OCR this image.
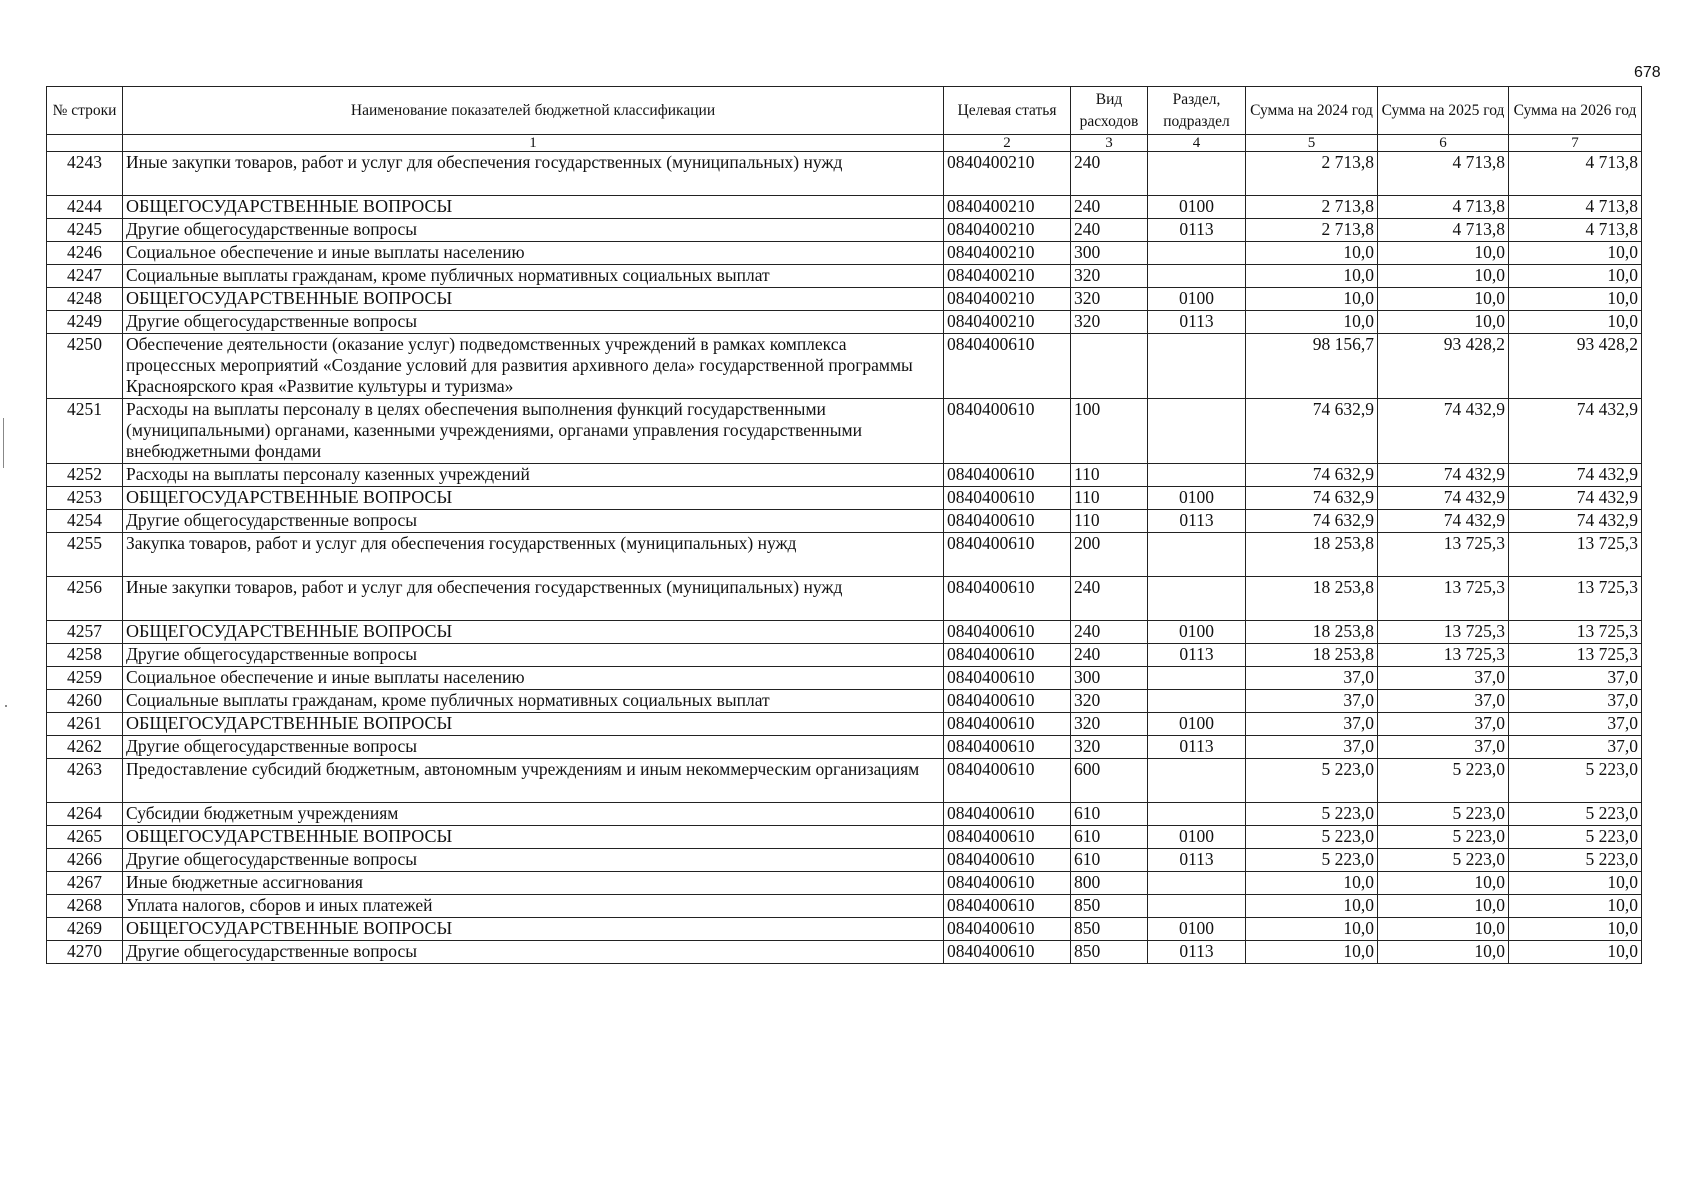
678
№ строки	Наименование показателей бюджетной классификации	Целевая статья	Вид расходов	Раздел, подраздел	Сумма на 2024 год	Сумма на 2025 год	Сумма на 2026 год
	1	2	3	4	5	6	7
4243	Иные закупки товаров, работ и услуг для обеспечения государственных (муниципальных) нужд	0840400210	240		2 713,8	4 713,8	4 713,8
4244	ОБЩЕГОСУДАРСТВЕННЫЕ ВОПРОСЫ	0840400210	240	0100	2 713,8	4 713,8	4 713,8
4245	Другие общегосударственные вопросы	0840400210	240	0113	2 713,8	4 713,8	4 713,8
4246	Социальное обеспечение и иные выплаты населению	0840400210	300		10,0	10,0	10,0
4247	Социальные выплаты гражданам, кроме публичных нормативных социальных выплат	0840400210	320		10,0	10,0	10,0
4248	ОБЩЕГОСУДАРСТВЕННЫЕ ВОПРОСЫ	0840400210	320	0100	10,0	10,0	10,0
4249	Другие общегосударственные вопросы	0840400210	320	0113	10,0	10,0	10,0
4250	Обеспечение деятельности (оказание услуг) подведомственных учреждений в рамках комплекса процессных мероприятий «Создание условий для развития архивного дела» государственной программы Красноярского края «Развитие культуры и туризма»	0840400610			98 156,7	93 428,2	93 428,2
4251	Расходы на выплаты персоналу в целях обеспечения выполнения функций государственными (муниципальными) органами, казенными учреждениями, органами управления государственными внебюджетными фондами	0840400610	100		74 632,9	74 432,9	74 432,9
4252	Расходы на выплаты персоналу казенных учреждений	0840400610	110		74 632,9	74 432,9	74 432,9
4253	ОБЩЕГОСУДАРСТВЕННЫЕ ВОПРОСЫ	0840400610	110	0100	74 632,9	74 432,9	74 432,9
4254	Другие общегосударственные вопросы	0840400610	110	0113	74 632,9	74 432,9	74 432,9
4255	Закупка товаров, работ и услуг для обеспечения государственных (муниципальных) нужд	0840400610	200		18 253,8	13 725,3	13 725,3
4256	Иные закупки товаров, работ и услуг для обеспечения государственных (муниципальных) нужд	0840400610	240		18 253,8	13 725,3	13 725,3
4257	ОБЩЕГОСУДАРСТВЕННЫЕ ВОПРОСЫ	0840400610	240	0100	18 253,8	13 725,3	13 725,3
4258	Другие общегосударственные вопросы	0840400610	240	0113	18 253,8	13 725,3	13 725,3
4259	Социальное обеспечение и иные выплаты населению	0840400610	300		37,0	37,0	37,0
4260	Социальные выплаты гражданам, кроме публичных нормативных социальных выплат	0840400610	320		37,0	37,0	37,0
4261	ОБЩЕГОСУДАРСТВЕННЫЕ ВОПРОСЫ	0840400610	320	0100	37,0	37,0	37,0
4262	Другие общегосударственные вопросы	0840400610	320	0113	37,0	37,0	37,0
4263	Предоставление субсидий бюджетным, автономным учреждениям и иным некоммерческим организациям	0840400610	600		5 223,0	5 223,0	5 223,0
4264	Субсидии бюджетным учреждениям	0840400610	610		5 223,0	5 223,0	5 223,0
4265	ОБЩЕГОСУДАРСТВЕННЫЕ ВОПРОСЫ	0840400610	610	0100	5 223,0	5 223,0	5 223,0
4266	Другие общегосударственные вопросы	0840400610	610	0113	5 223,0	5 223,0	5 223,0
4267	Иные бюджетные ассигнования	0840400610	800		10,0	10,0	10,0
4268	Уплата налогов, сборов и иных платежей	0840400610	850		10,0	10,0	10,0
4269	ОБЩЕГОСУДАРСТВЕННЫЕ ВОПРОСЫ	0840400610	850	0100	10,0	10,0	10,0
4270	Другие общегосударственные вопросы	0840400610	850	0113	10,0	10,0	10,0
